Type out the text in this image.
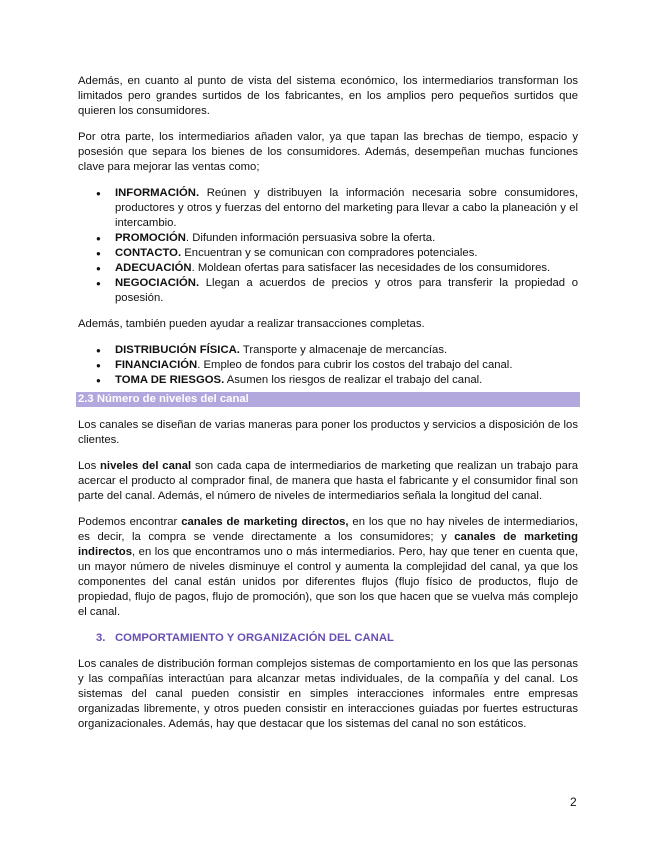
Además, en cuanto al punto de vista del sistema económico, los intermediarios transforman los limitados pero grandes surtidos de los fabricantes, en los amplios pero pequeños surtidos que quieren los consumidores.

Por otra parte, los intermediarios añaden valor, ya que tapan las brechas de tiempo, espacio y posesión que separa los bienes de los consumidores. Además, desempeñan muchas funciones clave para mejorar las ventas como;

● INFORMACIÓN. Reúnen y distribuyen la información necesaria sobre consumidores, productores y otros y fuerzas del entorno del marketing para llevar a cabo la planeación y el intercambio.
● PROMOCIÓN. Difunden información persuasiva sobre la oferta.
● CONTACTO. Encuentran y se comunican con compradores potenciales.
● ADECUACIÓN. Moldean ofertas para satisfacer las necesidades de los consumidores.
● NEGOCIACIÓN. Llegan a acuerdos de precios y otros para transferir la propiedad o posesión.

Además, también pueden ayudar a realizar transacciones completas.

● DISTRIBUCIÓN FÍSICA. Transporte y almacenaje de mercancías.
● FINANCIACIÓN. Empleo de fondos para cubrir los costos del trabajo del canal.
● TOMA DE RIESGOS. Asumen los riesgos de realizar el trabajo del canal.
2.3 Número de niveles del canal

Los canales se diseñan de varias maneras para poner los productos y servicios a disposición de los clientes.

Los niveles del canal son cada capa de intermediarios de marketing que realizan un trabajo para acercar el producto al comprador final, de manera que hasta el fabricante y el consumidor final son parte del canal. Además, el número de niveles de intermediarios señala la longitud del canal.

Podemos encontrar canales de marketing directos, en los que no hay niveles de intermediarios, es decir, la compra se vende directamente a los consumidores; y canales de marketing indirectos, en los que encontramos uno o más intermediarios. Pero, hay que tener en cuenta que, un mayor número de niveles disminuye el control y aumenta la complejidad del canal, ya que los componentes del canal están unidos por diferentes flujos (flujo físico de productos, flujo de propiedad, flujo de pagos, flujo de promoción), que son los que hacen que se vuelva más complejo el canal.

3. COMPORTAMIENTO Y ORGANIZACIÓN DEL CANAL

Los canales de distribución forman complejos sistemas de comportamiento en los que las personas y las compañías interactúan para alcanzar metas individuales, de la compañía y del canal. Los sistemas del canal pueden consistir en simples interacciones informales entre empresas organizadas libremente, y otros pueden consistir en interacciones guiadas por fuertes estructuras organizacionales. Además, hay que destacar que los sistemas del canal no son estáticos.

2
